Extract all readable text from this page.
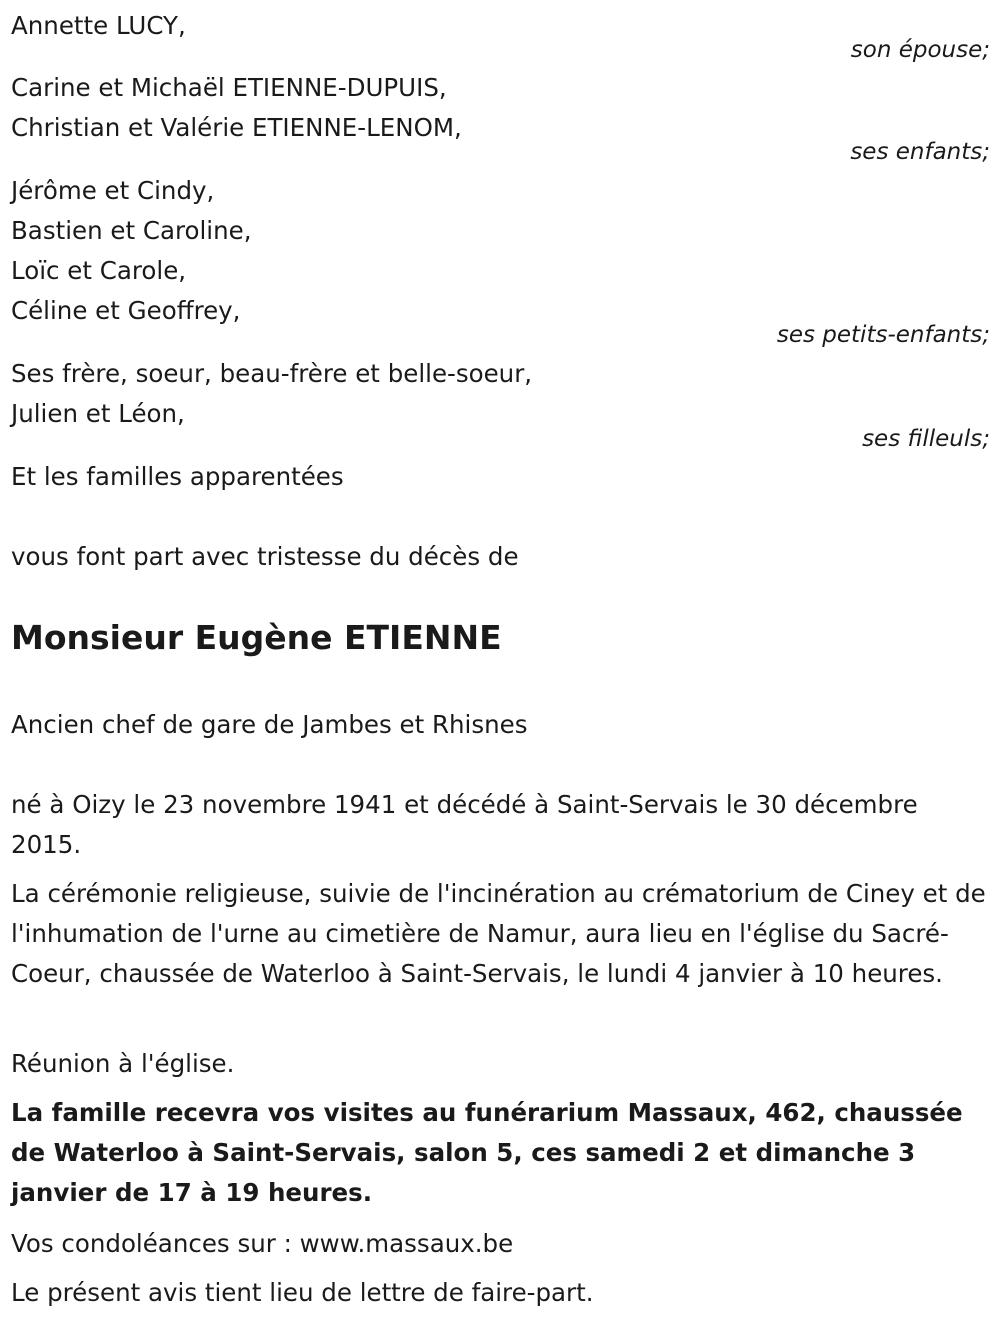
Annette LUCY,
son épouse;
Carine et Michaël ETIENNE-DUPUIS,
Christian et Valérie ETIENNE-LENOM,
ses enfants;
Jérôme et Cindy,
Bastien et Caroline,
Loïc et Carole,
Céline et Geoffrey,
ses petits-enfants;
Ses frère, soeur, beau-frère et belle-soeur,
Julien et Léon,
ses filleuls;
Et les familles apparentées
vous font part avec tristesse du décès de
Monsieur Eugène ETIENNE
Ancien chef de gare de Jambes et Rhisnes
né à Oizy le 23 novembre 1941 et décédé à Saint-Servais le 30 décembre 2015.
La cérémonie religieuse, suivie de l'incinération au crématorium de Ciney et de l'inhumation de l'urne au cimetière de Namur, aura lieu en l'église du Sacré-Coeur, chaussée de Waterloo à Saint-Servais, le lundi 4 janvier à 10 heures.
Réunion à l'église.
La famille recevra vos visites au funérarium Massaux, 462, chaussée de Waterloo à Saint-Servais, salon 5, ces samedi 2 et dimanche 3 janvier de 17 à 19 heures.
Vos condoléances sur : www.massaux.be
Le présent avis tient lieu de lettre de faire-part.
